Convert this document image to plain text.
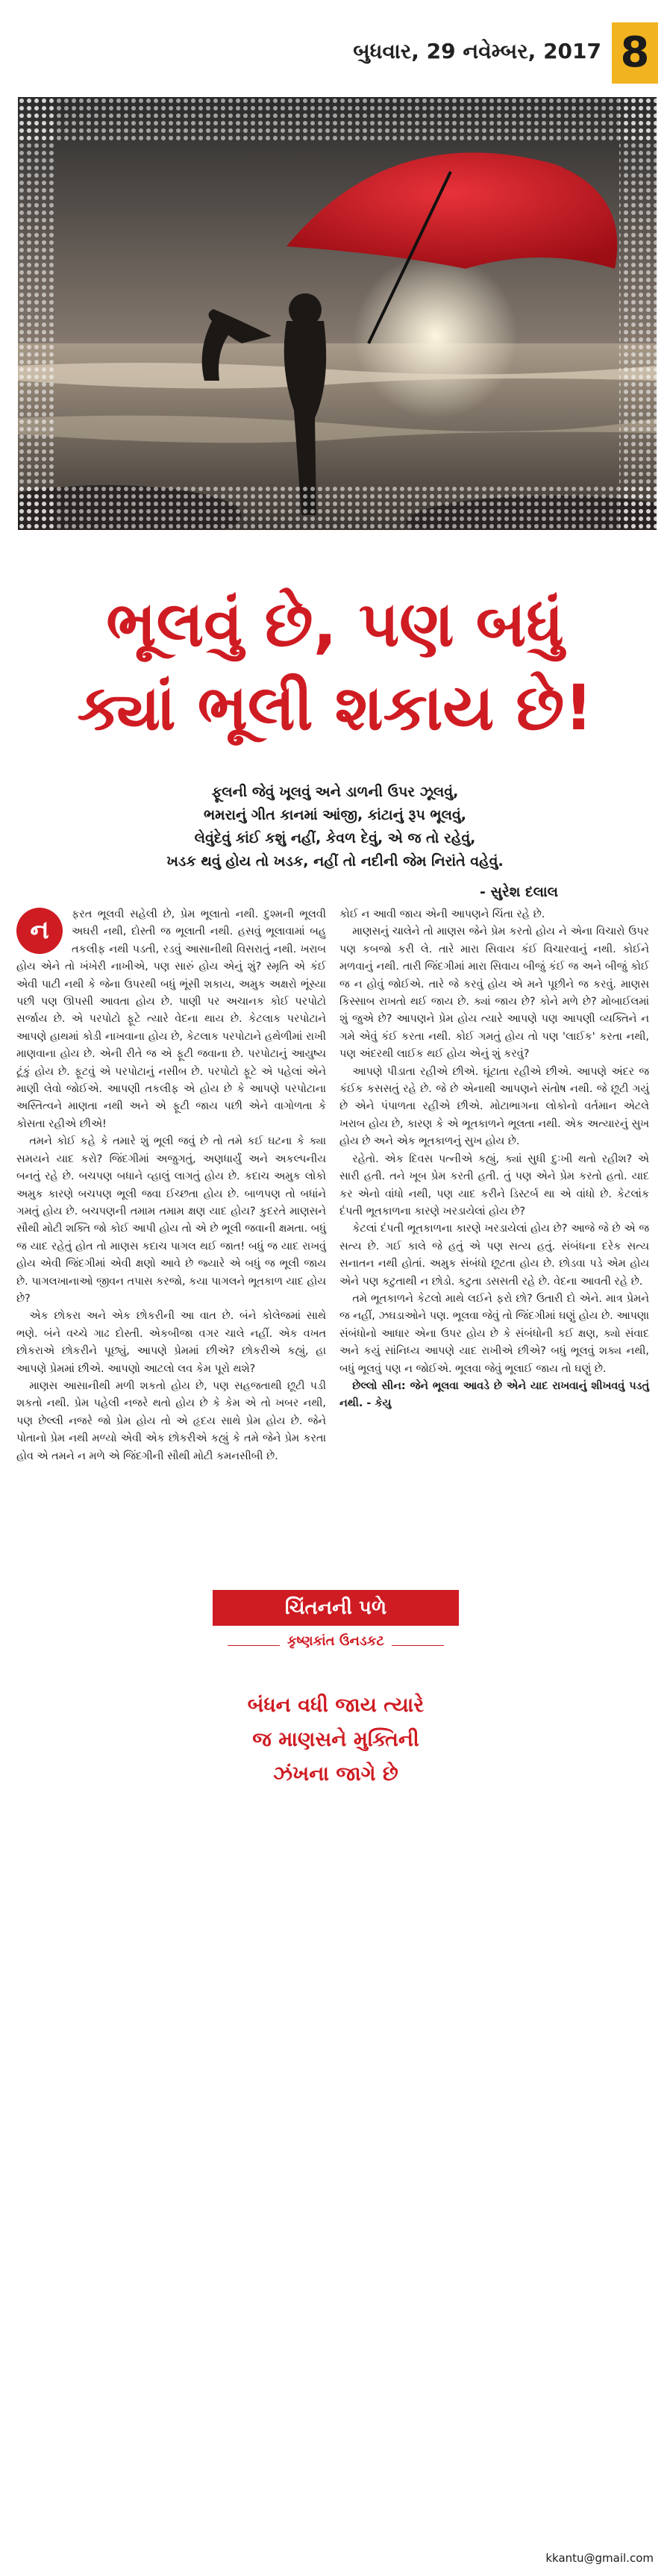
બુધવાર, 29 નવેમ્બર, 2017 8
ભૂલવું છે, પણ બધું
ક્યાં ભૂલી શકાય છે!
ફૂલની જેવું ખૂલવું અને ડાળની ઉપર ઝૂલવું,
ભમરાનું ગીત કાનમાં આંજી, કાંટાનું રૂપ ભૂલવું,
લેવુંદેવું કાંઈ કશું નહીં, કેવળ દેવું, એ જ તો રહેવું,
ખડક થવું હોય તો ખડક, નહીં તો નદીની જેમ નિરાંતે વહેવું.
- સુરેશ દલાલ

ન
ફરત ભૂલવી સહેલી છે, પ્રેમ ભૂલાતો નથી. દુશ્મની ભૂલવી અઘરી નથી, દોસ્તી જ ભૂલાતી નથી. હસવું ભૂલાવામાં બહુ તકલીફ નથી પડતી, રડવું આસાનીથી વિસરાતું નથી. ખરાબ હોય એને તો ખંખેરી નાખીએ, પણ સારું હોય એનું શું? સ્મૃતિ એ કંઈ એવી પાટી નથી કે જેના ઉપરથી બધું ભૂંસી શકાય, અમુક અક્ષરો ભૂંસ્યા પછી પણ ઊપસી આવતા હોય છે. પાણી પર અચાનક કોઈ પરપોટો સર્જાય છે. એ પરપોટો ફૂટે ત્યારે વેદના થાય છે. કેટલાક પરપોટાને આપણે હાથમાં કોડી નાખવાના હોય છે, કેટલાક પરપોટાને હથેળીમાં રાખી માણવાના હોય છે. એની રીતે જ એ ફૂટી જવાના છે. પરપોટાનું આયુષ્ય ટૂંકું હોય છે. ફૂટવું એ પરપોટાનું નસીબ છે. પરપોટો ફૂટે એ પહેલાં એને માણી લેવો જોઈએ. આપણી તકલીફ એ હોય છે કે આપણે પરપોટાના અસ્તિત્વને માણતા નથી અને એ ફૂટી જાય પછી એને વાગોળતા કે કોસતા રહીએ છીએ!

તમને કોઈ કહે કે તમારે શું ભૂલી જવું છે તો તમે કઈ ઘટના કે ક્યા સમયને યાદ કરો? જિંદગીમાં અજુગતું, અણધાર્યું અને અકલ્પનીય બનતું રહે છે. બચપણ બધાને વ્હાલું લાગતું હોય છે. કદાચ અમુક લોકો અમુક કારણે બચપણ ભૂલી જવા ઈચ્છતા હોય છે. બાળપણ તો બધાંને ગમતું હોય છે. બચપણની તમામ તમામ ક્ષણ યાદ હોય? કુદરતે માણસને સૌથી મોટી શક્તિ જો કોઈ આપી હોય તો એ છે ભૂલી જવાની ક્ષમતા. બધું જ યાદ રહેતું હોત તો માણસ કદાચ પાગલ થઈ જાત! બધું જ યાદ રાખવું હોય એવી જિંદગીમાં એવી ક્ષણો આવે છે જ્યારે એ બધું જ ભૂલી જાય છે. પાગલખાનાઓ જીવન તપાસ કરજો, કયા પાગલને ભૂતકાળ યાદ હોય છે?

એક છોકરા અને એક છોકરીની આ વાત છે. બંને કોલેજમાં સાથે ભણે. બંને વચ્ચે ગાઢ દોસ્તી. એકબીજા વગર ચાલે નહીં. એક વખત છોકરાએ છોકરીને પૂછ્યું, આપણે પ્રેમમાં છીએ? છોકરીએ કહ્યું, હા આપણે પ્રેમમાં છીએ. આપણો આટલો લવ કેમ પૂરો થશે?

માણસ આસાનીથી મળી શકતો હોય છે, પણ સહજતાથી છૂટી પડી શકતો નથી. પ્રેમ પહેલી નજરે થતો હોય છે કે કેમ એ તો ખબર નથી, પણ છેલ્લી નજરે જો પ્રેમ હોય તો એ હૃદય સાથે પ્રેમ હોય છે. જેને પોતાનો પ્રેમ નથી મળ્યો એવી એક છોકરીએ કહ્યું કે તમે જેને પ્રેમ કરતા હોવ એ તમને ન મળે એ જિંદગીની સૌથી મોટી કમનસીબી છે.

કોઈ ન આવી જાય એની આપણને ચિંતા રહે છે.

માણસનું ચાલેને તો માણસ જેને પ્રેમ કરતો હોય ને એના વિચારો ઉપર પણ કબજો કરી લે. તારે મારા સિવાય કંઈ વિચારવાનું નથી. કોઈને મળવાનું નથી. તારી જિંદગીમાં મારા સિવાય બીજું કંઈ જ અને બીજું કોઈ જ ન હોવું જોઈએ. તારે જે કરવું હોય એ મને પૂછીને જ કરવું. માણસ કિસ્સાબ રાખતો થઈ જાય છે. ક્યાં જાય છે? કોને મળે છે? મોબાઈલમાં શું જુએ છે? આપણને પ્રેમ હોય ત્યારે આપણે પણ આપણી વ્યક્તિને ન ગમે એવું કંઈ કરતા નથી. કોઈ ગમતું હોય તો પણ 'લાઈક' કરતા નથી, પણ અંદરથી લાઈક થઈ હોય એનું શું કરવું?

આપણે પીડાતા રહીએ છીએ. ઘૂંટાતા રહીએ છીએ. આપણે અંદર જ કંઈક કસસતું રહે છે. જે છે એનાથી આપણને સંતોષ નથી. જે છૂટી ગયું છે એને પંપાળતા રહીએ છીએ. મોટાભાગના લોકોનો વર્તમાન એટલે ખરાબ હોય છે, કારણ કે એ ભૂતકાળને ભૂલતા નથી. એક અત્યારનું સુખ હોય છે અને એક ભૂતકાળનું સુખ હોય છે.

રહેતો. એક દિવસ પત્નીએ કહ્યું, ક્યાં સુધી દુઃખી થતો રહીશ? એ સારી હતી. તને ખૂબ પ્રેમ કરતી હતી. તું પણ એને પ્રેમ કરતો હતો. યાદ કર એનો વાંધો નથી, પણ યાદ કરીને ડિસ્ટર્બ થા એ વાંધો છે. કેટલાંક દંપતી ભૂતકાળના કારણે ખરડાયેલાં હોય છે?

કેટલાં દંપતી ભૂતકાળના કારણે ખરડાયેલાં હોય છે? આજે જે છે એ જ સત્ય છે. ગઈ કાલે જે હતું એ પણ સત્ય હતું. સંબંધના દરેક સત્ય સનાતન નથી હોતાં. અમુક સંબંધો છૂટતા હોય છે. છોડવા પડે એમ હોય એને પણ કટુતાથી ન છોડો. કટુતા ડસસતી રહે છે. વેદના આવતી રહે છે.

તમે ભૂતકાળને કેટલો માથે લઈને ફરો છો? ઉતારી દો એને. માત્ર પ્રેમને જ નહીં, ઝઘડાઓને પણ. ભૂલવા જેવું તો જિંદગીમાં ઘણું હોય છે. આપણા સંબંધોનો આધાર એના ઉપર હોય છે કે સંબંધોની કઈ ક્ષણ, ક્યો સંવાદ અને કયું સાંનિધ્ય આપણે યાદ રાખીએ છીએ? બધું ભૂલવું શક્ય નથી, બધું ભૂલવું પણ ન જોઈએ. ભૂલવા જેવું ભૂલાઈ જાય તો ઘણું છે.

છેલ્લો સીન: જેને ભૂલવા આવડે છે એને યાદ રાખવાનું શીખવવું પડતું નથી. - કેયુ

ચિંતનની પળે
કૃષ્ણકાંત ઉનડકટ
બંધન વધી જાય ત્યારે
જ માણસને મુક્તિની
ઝંખના જાગે છે
kkantu@gmail.com
